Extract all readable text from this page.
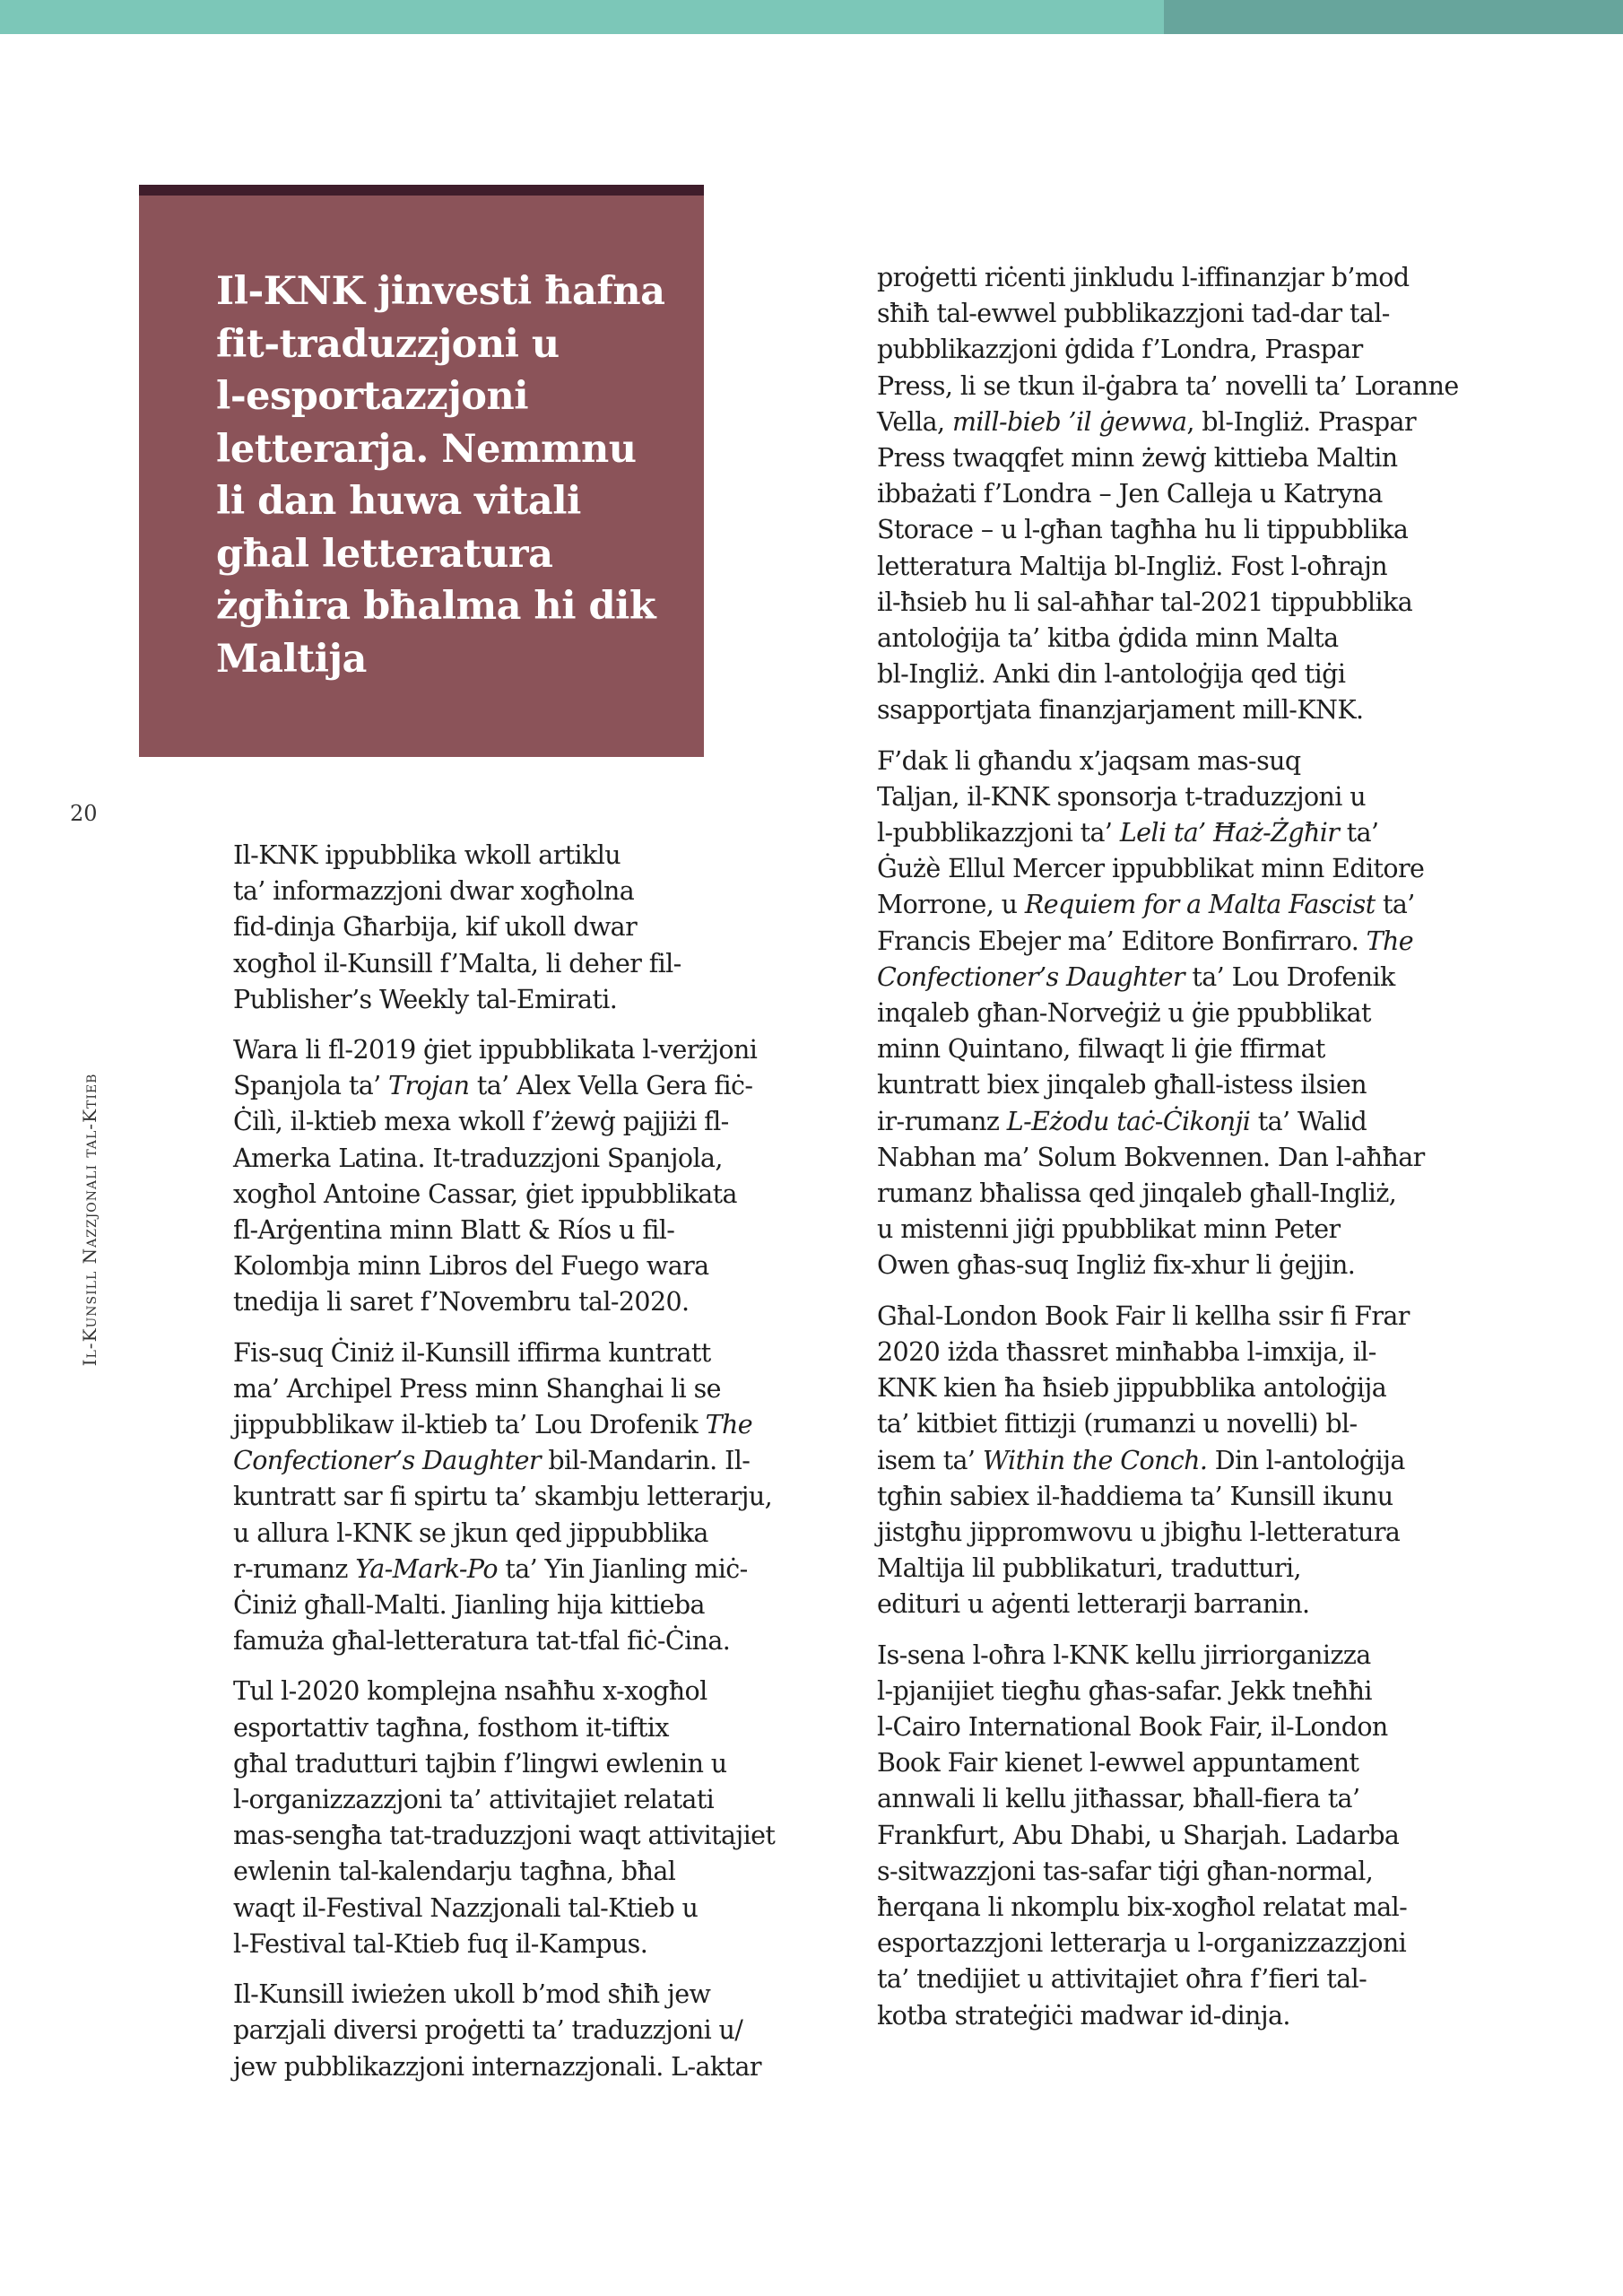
Il-KNK jinvesti ħafna
fit-traduzzjoni u
l-esportazzjoni
letterarja. Nemmnu
li dan huwa vitali
għal letteratura
żgħira bħalma hi dik
Maltija
20
Il-Kunsill Nazzjonali tal-Ktieb

Il-KNK ippubblika wkoll artiklu
ta’ informazzjoni dwar xogħolna
fid-dinja Għarbija, kif ukoll dwar
xogħol il-Kunsill f’Malta, li deher fil-
Publisher’s Weekly tal-Emirati.

Wara li fl-2019 ġiet ippubblikata l-verżjoni
Spanjola ta’ Trojan ta’ Alex Vella Gera fiċ-
Ċilì, il-ktieb mexa wkoll f’żewġ pajjiżi fl-
Amerka Latina. It-traduzzjoni Spanjola,
xogħol Antoine Cassar, ġiet ippubblikata
fl-Arġentina minn Blatt & Ríos u fil-
Kolombja minn Libros del Fuego wara
tnedija li saret f’Novembru tal-2020.

Fis-suq Ċiniż il-Kunsill iffirma kuntratt
ma’ Archipel Press minn Shanghai li se
jippubblikaw il-ktieb ta’ Lou Drofenik The
Confectioner’s Daughter bil-Mandarin. Il-
kuntratt sar fi spirtu ta’ skambju letterarju,
u allura l-KNK se jkun qed jippubblika
r-rumanz Ya-Mark-Po ta’ Yin Jianling miċ-
Ċiniż għall-Malti. Jianling hija kittieba
famuża għal-letteratura tat-tfal fiċ-Ċina.

Tul l-2020 komplejna nsaħħu x-xogħol
esportattiv tagħna, fosthom it-tiftix
għal tradutturi tajbin f’lingwi ewlenin u
l-organizzazzjoni ta’ attivitajiet relatati
mas-sengħa tat-traduzzjoni waqt attivitajiet
ewlenin tal-kalendarju tagħna, bħal
waqt il-Festival Nazzjonali tal-Ktieb u
l-Festival tal-Ktieb fuq il-Kampus.

Il-Kunsill iwieżen ukoll b’mod sħiħ jew
parzjali diversi proġetti ta’ traduzzjoni u/
jew pubblikazzjoni internazzjonali. L-aktar

proġetti riċenti jinkludu l-iffinanzjar b’mod
sħiħ tal-ewwel pubblikazzjoni tad-dar tal-
pubblikazzjoni ġdida f’Londra, Praspar
Press, li se tkun il-ġabra ta’ novelli ta’ Loranne
Vella, mill-bieb ’il ġewwa, bl-Ingliż. Praspar
Press twaqqfet minn żewġ kittieba Maltin
ibbażati f’Londra – Jen Calleja u Katryna
Storace – u l-għan tagħha hu li tippubblika
letteratura Maltija bl-Ingliż. Fost l-oħrajn
il-ħsieb hu li sal-aħħar tal-2021 tippubblika
antoloġija ta’ kitba ġdida minn Malta
bl-Ingliż. Anki din l-antoloġija qed tiġi
ssapportjata finanzjarjament mill-KNK.

F’dak li għandu x’jaqsam mas-suq
Taljan, il-KNK sponsorja t-traduzzjoni u
l-pubblikazzjoni ta’ Leli ta’ Ħaż-Żgħir ta’
Ġużè Ellul Mercer ippubblikat minn Editore
Morrone, u Requiem for a Malta Fascist ta’
Francis Ebejer ma’ Editore Bonfirraro. The
Confectioner’s Daughter ta’ Lou Drofenik
inqaleb għan-Norveġiż u ġie ppubblikat
minn Quintano, filwaqt li ġie ffirmat
kuntratt biex jinqaleb għall-istess ilsien
ir-rumanz L-Eżodu taċ-Ċikonji ta’ Walid
Nabhan ma’ Solum Bokvennen. Dan l-aħħar
rumanz bħalissa qed jinqaleb għall-Ingliż,
u mistenni jiġi ppubblikat minn Peter
Owen għas-suq Ingliż fix-xhur li ġejjin.

Għal-London Book Fair li kellha ssir fi Frar
2020 iżda tħassret minħabba l-imxija, il-
KNK kien ħa ħsieb jippubblika antoloġija
ta’ kitbiet fittizji (rumanzi u novelli) bl-
isem ta’ Within the Conch. Din l-antoloġija
tgħin sabiex il-ħaddiema ta’ Kunsill ikunu
jistgħu jippromwovu u jbigħu l-letteratura
Maltija lil pubblikaturi, tradutturi,
edituri u aġenti letterarji barranin.

Is-sena l-oħra l-KNK kellu jirriorganizza
l-pjanijiet tiegħu għas-safar. Jekk tneħħi
l-Cairo International Book Fair, il-London
Book Fair kienet l-ewwel appuntament
annwali li kellu jitħassar, bħall-fiera ta’
Frankfurt, Abu Dhabi, u Sharjah. Ladarba
s-sitwazzjoni tas-safar tiġi għan-normal,
ħerqana li nkomplu bix-xogħol relatat mal-
esportazzjoni letterarja u l-organizzazzjoni
ta’ tnedijiet u attivitajiet oħra f’fieri tal-
kotba strateġiċi madwar id-dinja.
